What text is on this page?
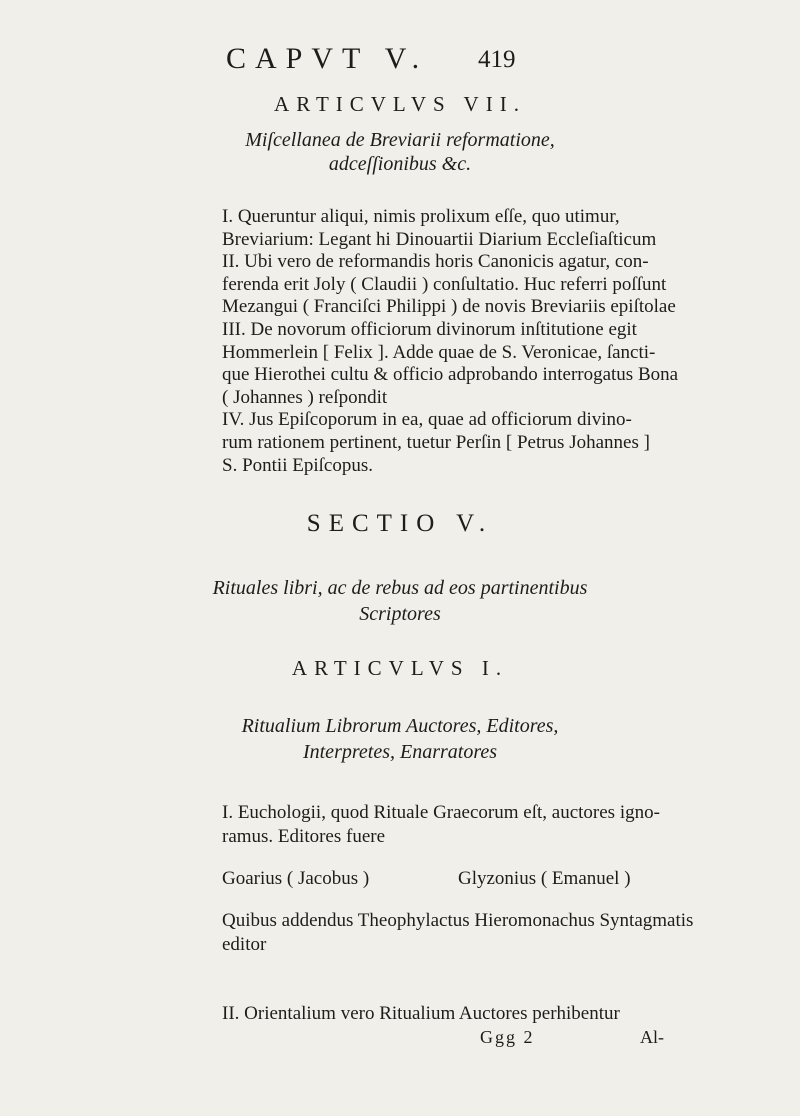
CAPVT V. 419
ARTICVLVS VII.
Miſcellanea de Breviarii reformatione,
adceſſionibus &c.
I. Queruntur aliqui, nimis prolixum eſſe, quo utimur,
Breviarium: Legant hi Dinouartii Diarium Eccleſiaſticum
II. Ubi vero de reformandis horis Canonicis agatur, con-
ferenda erit Joly ( Claudii ) conſultatio. Huc referri poſſunt
Mezangui ( Franciſci Philippi ) de novis Breviariis epiſtolae
III. De novorum officiorum divinorum inſtitutione egit
Hommerlein [ Felix ]. Adde quae de S. Veronicae, ſancti-
que Hierothei cultu & officio adprobando interrogatus Bona
( Johannes ) reſpondit
IV. Jus Epiſcoporum in ea, quae ad officiorum divino-
rum rationem pertinent, tuetur Perſin [ Petrus Johannes ]
S. Pontii Epiſcopus.
SECTIO V.
Rituales libri, ac de rebus ad eos partinentibus
Scriptores
ARTICVLVS I.
Ritualium Librorum Auctores, Editores,
Interpretes, Enarratores
I. Euchologii, quod Rituale Graecorum eſt, auctores igno-
ramus. Editores fuere
Goarius ( Jacobus )	Glyzonius ( Emanuel )
Quibus addendus Theophylactus Hieromonachus Syntagmatis
editor
II. Orientalium vero Ritualium Auctores perhibentur
Ggg 2	Al-
